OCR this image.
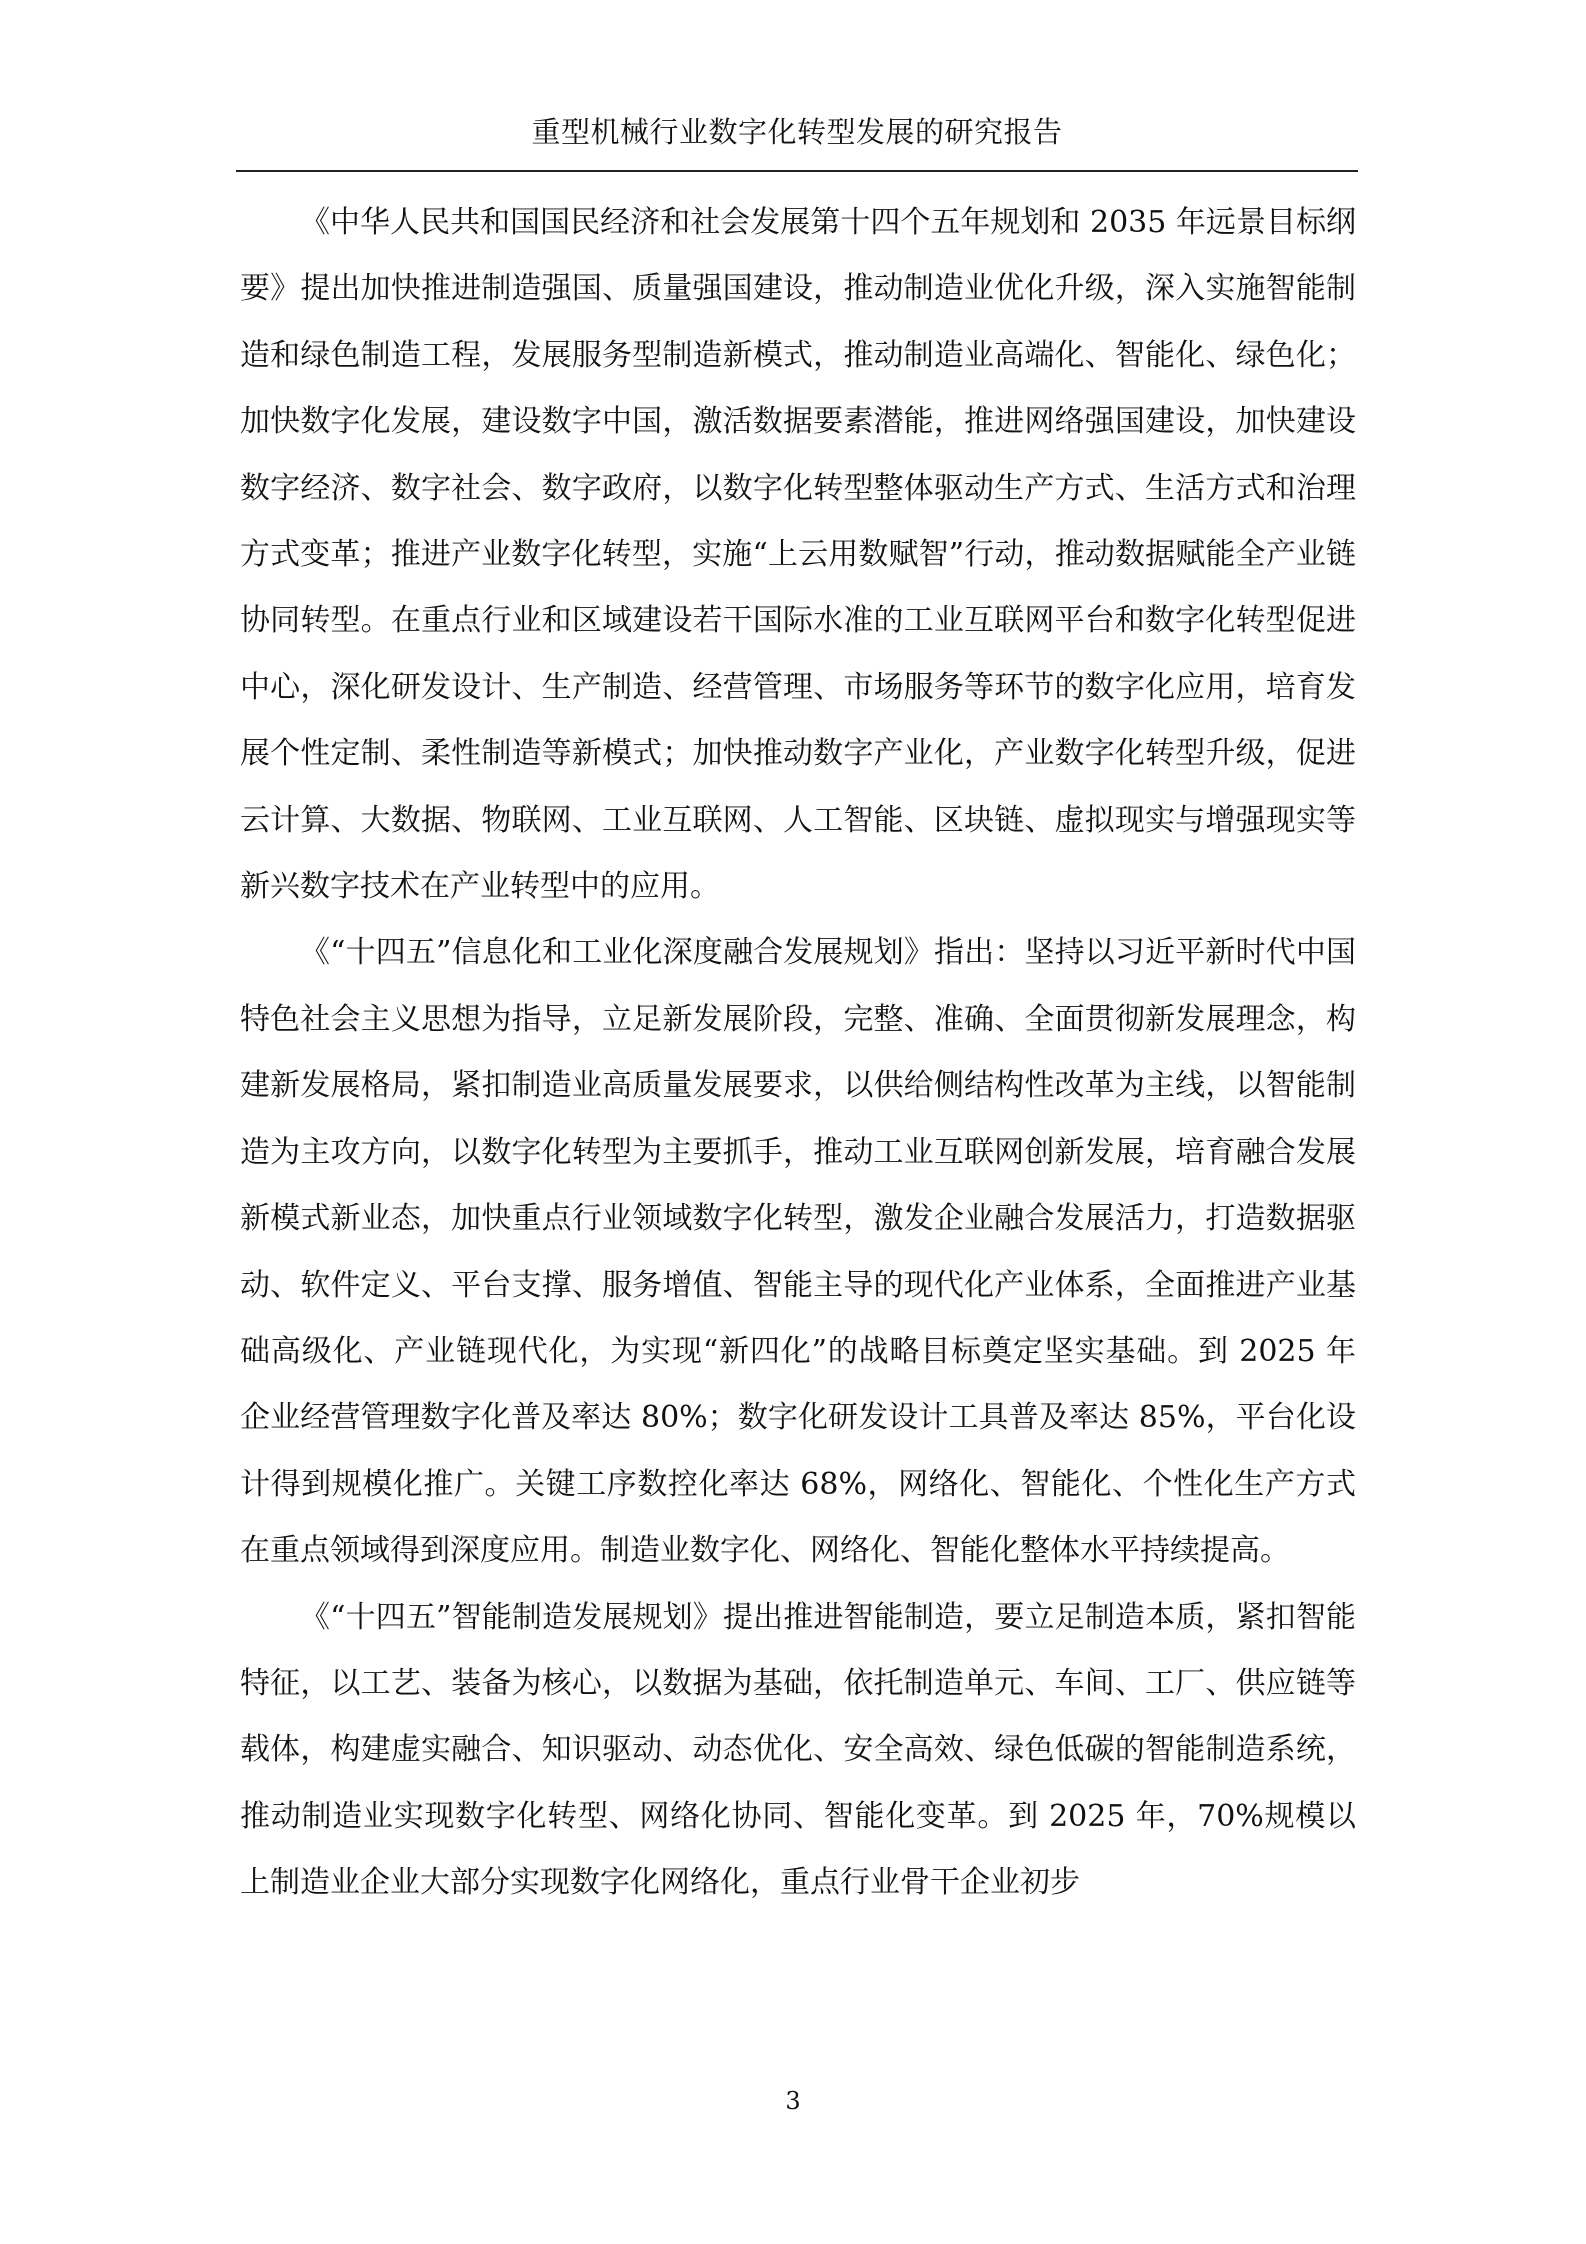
重型机械行业数字化转型发展的研究报告

《中华人民共和国国民经济和社会发展第十四个五年规划和 2035 年远景目标纲要》提出加快推进制造强国、质量强国建设，推动制造业优化升级，深入实施智能制造和绿色制造工程，发展服务型制造新模式，推动制造业高端化、智能化、绿色化；加快数字化发展，建设数字中国，激活数据要素潜能，推进网络强国建设，加快建设数字经济、数字社会、数字政府，以数字化转型整体驱动生产方式、生活方式和治理方式变革；推进产业数字化转型，实施“上云用数赋智”行动，推动数据赋能全产业链协同转型。在重点行业和区域建设若干国际水准的工业互联网平台和数字化转型促进中心，深化研发设计、生产制造、经营管理、市场服务等环节的数字化应用，培育发展个性定制、柔性制造等新模式；加快推动数字产业化，产业数字化转型升级，促进云计算、大数据、物联网、工业互联网、人工智能、区块链、虚拟现实与增强现实等新兴数字技术在产业转型中的应用。

《“十四五”信息化和工业化深度融合发展规划》指出：坚持以习近平新时代中国特色社会主义思想为指导，立足新发展阶段，完整、准确、全面贯彻新发展理念，构建新发展格局，紧扣制造业高质量发展要求，以供给侧结构性改革为主线，以智能制造为主攻方向，以数字化转型为主要抓手，推动工业互联网创新发展，培育融合发展新模式新业态，加快重点行业领域数字化转型，激发企业融合发展活力，打造数据驱动、软件定义、平台支撑、服务增值、智能主导的现代化产业体系，全面推进产业基础高级化、产业链现代化，为实现“新四化”的战略目标奠定坚实基础。到 2025 年企业经营管理数字化普及率达 80%；数字化研发设计工具普及率达 85%，平台化设计得到规模化推广。关键工序数控化率达 68%，网络化、智能化、个性化生产方式在重点领域得到深度应用。制造业数字化、网络化、智能化整体水平持续提高。

《“十四五”智能制造发展规划》提出推进智能制造，要立足制造本质，紧扣智能特征，以工艺、装备为核心，以数据为基础，依托制造单元、车间、工厂、供应链等载体，构建虚实融合、知识驱动、动态优化、安全高效、绿色低碳的智能制造系统，推动制造业实现数字化转型、网络化协同、智能化变革。到 2025 年，70%规模以上制造业企业大部分实现数字化网络化，重点行业骨干企业初步

3
